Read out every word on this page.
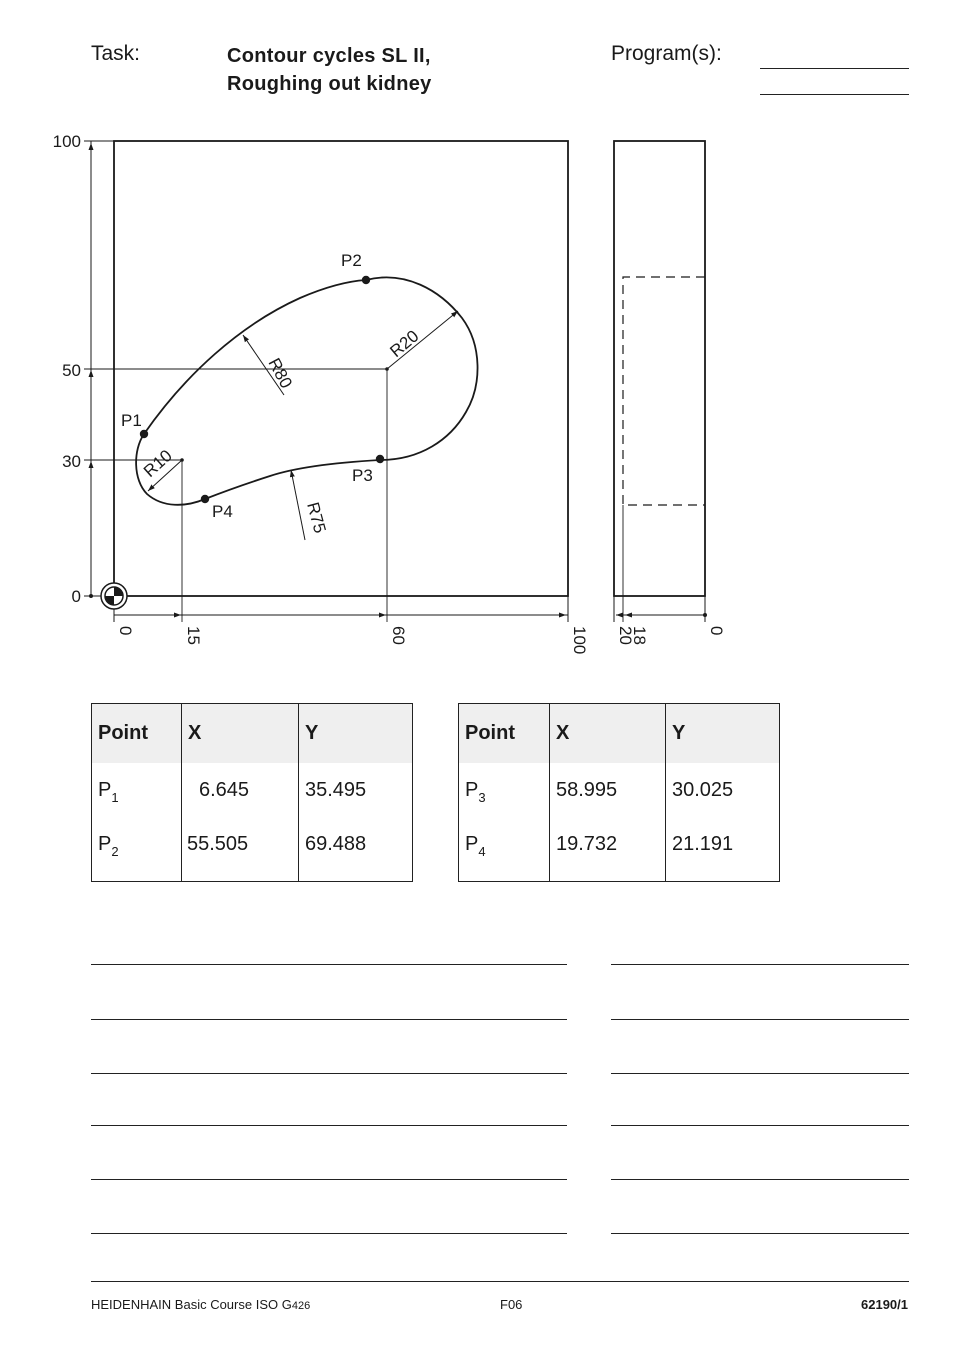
Task:	Contour cycles SL II,
Roughing out kidney
Program(s):
100
50
30
0
0	15	60	100
P1
P2
P3
P4
R80
R20
R10
R75
20
18	0
Point	X	Y
$P_1$	6.645	35.495
$P_2$	55.505	69.488
Point	X	Y
$P_3$	58.995	30.025
$P_4$	19.732	21.191
HEIDENHAIN Basic Course ISO G426	F06	62190/1
